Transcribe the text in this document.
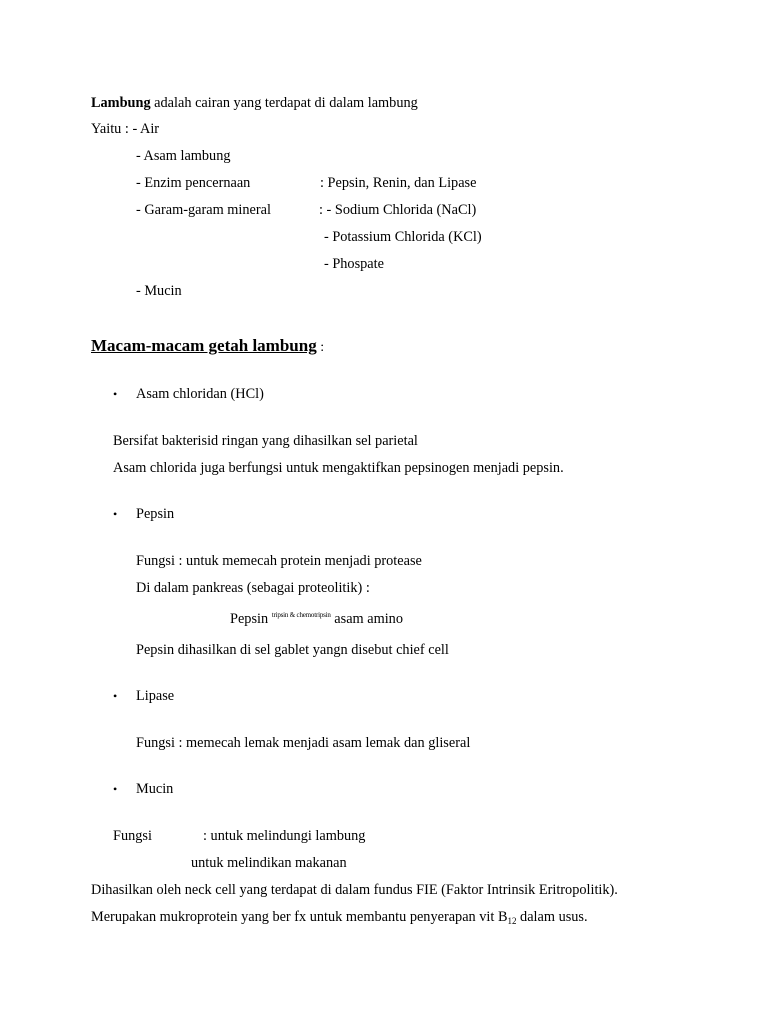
Lambung adalah cairan yang terdapat di dalam lambung
Yaitu : - Air
- Asam lambung
- Enzim pencernaan	: Pepsin, Renin, dan Lipase
- Garam-garam mineral	: - Sodium Chlorida (NaCl)
- Potassium Chlorida (KCl)
- Phospate
- Mucin
Macam-macam getah lambung :
• Asam chloridan (HCl)
Bersifat bakterisid ringan yang dihasilkan sel parietal
Asam chlorida juga berfungsi untuk mengaktifkan pepsinogen menjadi pepsin.
• Pepsin
Fungsi : untuk memecah protein menjadi protease
Di dalam pankreas (sebagai proteolitik) :
Pepsin $^{tripsin \& chemotripsin}$ asam amino
Pepsin dihasilkan di sel gablet yangn disebut chief cell
• Lipase
Fungsi : memecah lemak menjadi asam lemak dan gliseral
• Mucin
Fungsi	: untuk melindungi lambung
untuk melindikan makanan
Dihasilkan oleh neck cell yang terdapat di dalam fundus FIE (Faktor Intrinsik Eritropolitik).
Merupakan mukroprotein yang ber fx untuk membantu penyerapan vit $B_{12}$ dalam usus.
